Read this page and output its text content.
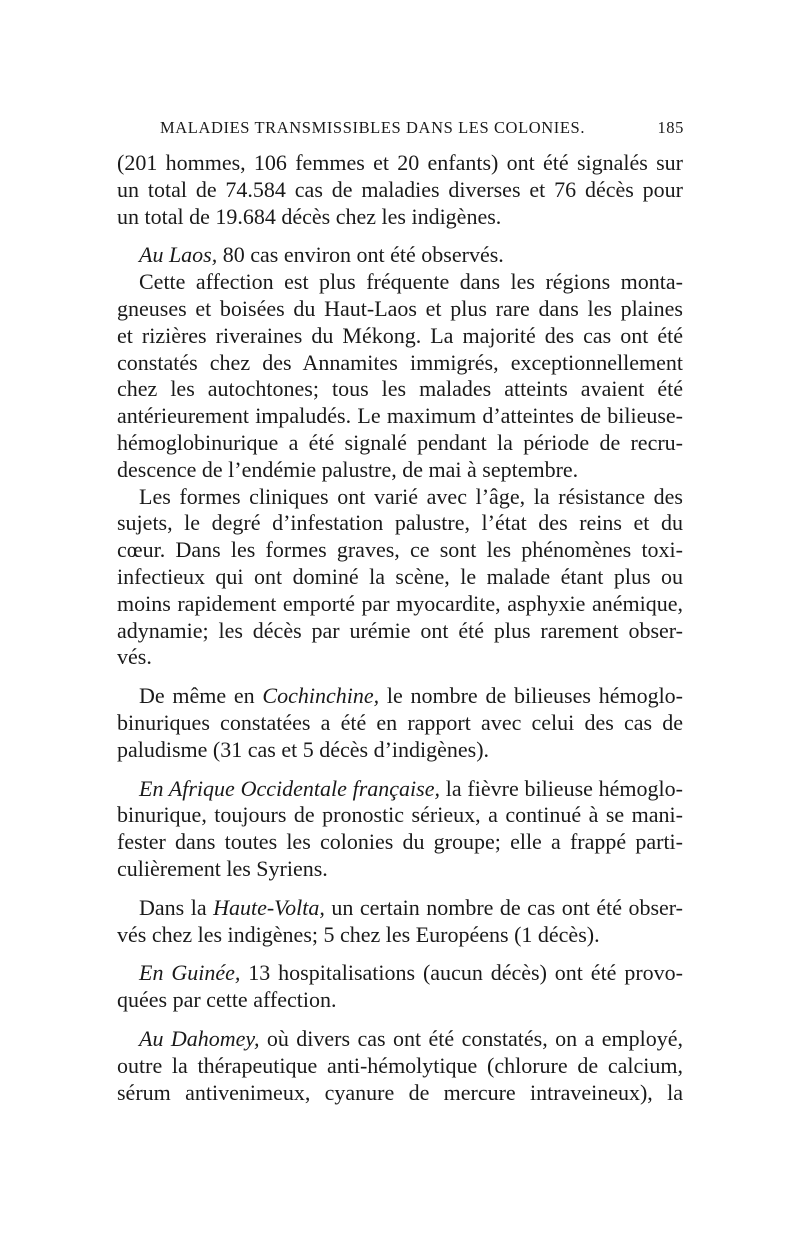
MALADIES TRANSMISSIBLES DANS LES COLONIES.	185
(201 hommes, 106 femmes et 20 enfants) ont été signalés sur
un total de 74.584 cas de maladies diverses et 76 décès pour
un total de 19.684 décès chez les indigènes.
Au Laos, 80 cas environ ont été observés.
Cette affection est plus fréquente dans les régions monta-
gneuses et boisées du Haut-Laos et plus rare dans les plaines
et rizières riveraines du Mékong. La majorité des cas ont été
constatés chez des Annamites immigrés, exceptionnellement
chez les autochtones; tous les malades atteints avaient été
antérieurement impaludés. Le maximum d’atteintes de bilieuse-
hémoglobinurique a été signalé pendant la période de recru-
descence de l’endémie palustre, de mai à septembre.
Les formes cliniques ont varié avec l’âge, la résistance des
sujets, le degré d’infestation palustre, l’état des reins et du
cœur. Dans les formes graves, ce sont les phénomènes toxi-
infectieux qui ont dominé la scène, le malade étant plus ou
moins rapidement emporté par myocardite, asphyxie anémique,
adynamie; les décès par urémie ont été plus rarement obser-
vés.
De même en Cochinchine, le nombre de bilieuses hémoglo-
binuriques constatées a été en rapport avec celui des cas de
paludisme (31 cas et 5 décès d’indigènes).
En Afrique Occidentale française, la fièvre bilieuse hémoglo-
binurique, toujours de pronostic sérieux, a continué à se mani-
fester dans toutes les colonies du groupe; elle a frappé parti-
culièrement les Syriens.
Dans la Haute-Volta, un certain nombre de cas ont été obser-
vés chez les indigènes; 5 chez les Européens (1 décès).
En Guinée, 13 hospitalisations (aucun décès) ont été provo-
quées par cette affection.
Au Dahomey, où divers cas ont été constatés, on a employé,
outre la thérapeutique anti-hémolytique (chlorure de calcium,
sérum antivenimeux, cyanure de mercure intraveineux), la
